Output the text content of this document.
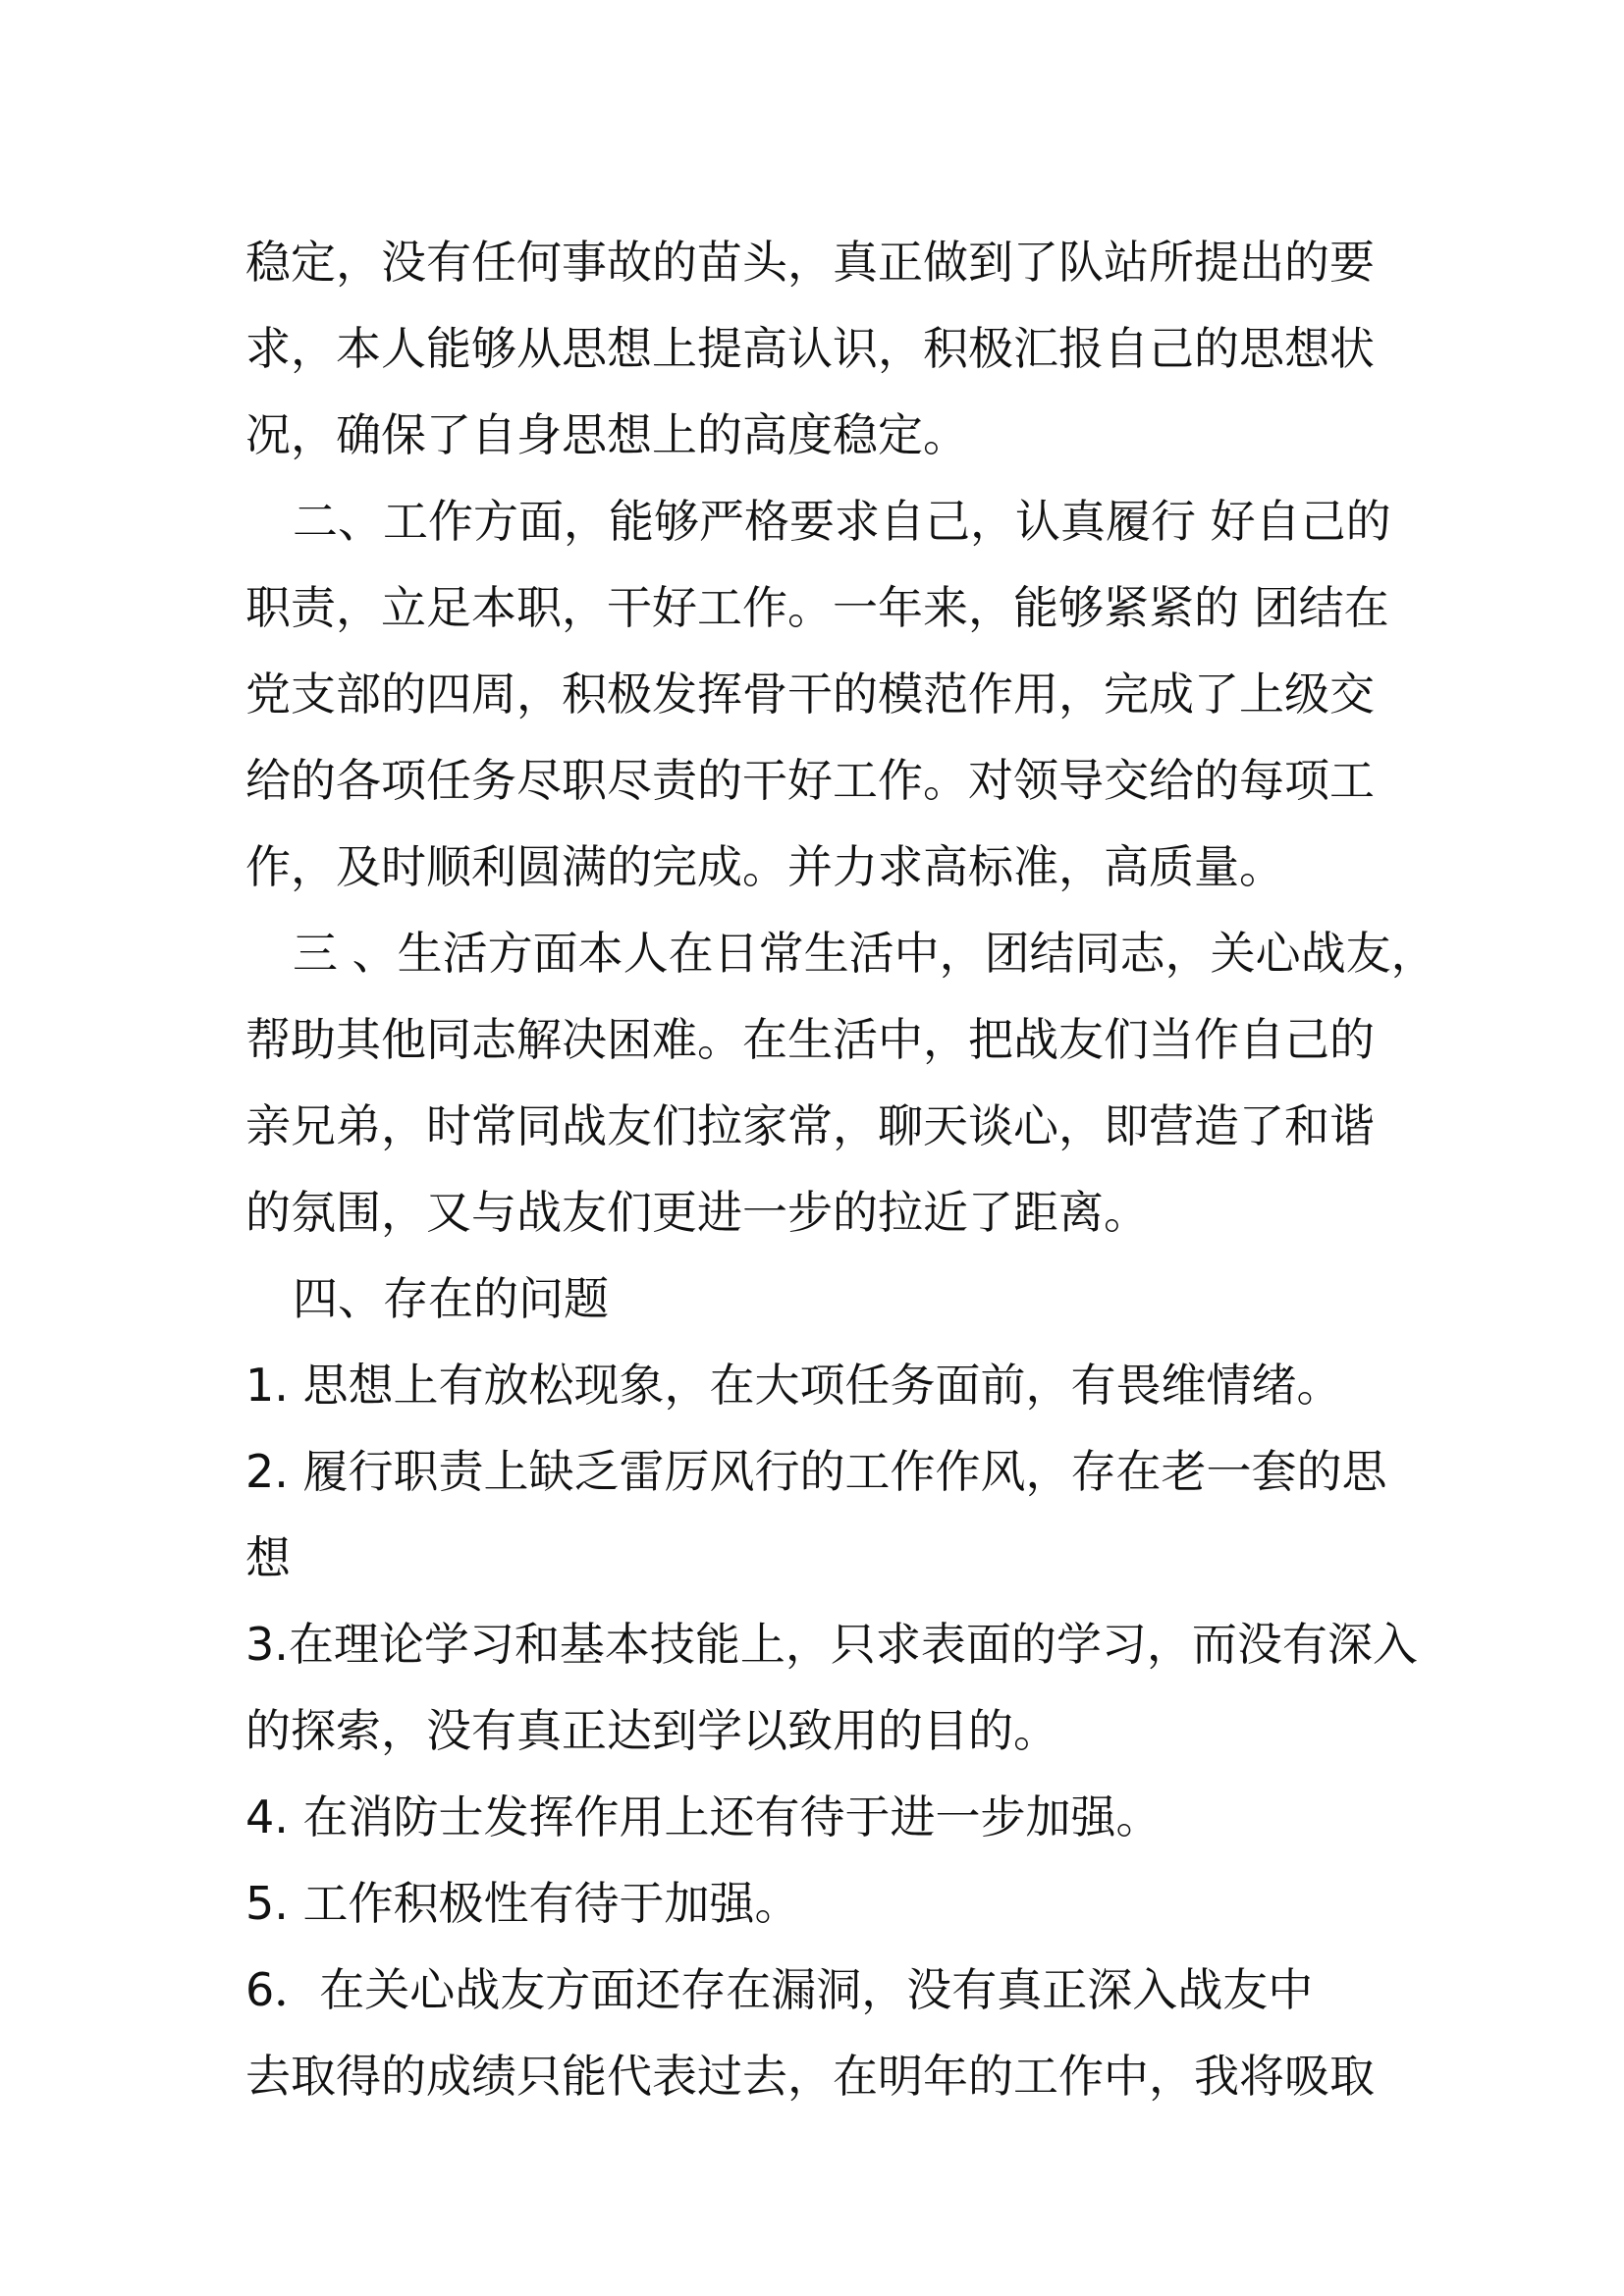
稳定，没有任何事故的苗头，真正做到了队站所提出的要
求，本人能够从思想上提高认识，积极汇报自己的思想状
况，确保了自身思想上的高度稳定。
二、工作方面，能够严格要求自己，认真履行 好自己的
职责，立足本职，干好工作。一年来，能够紧紧的 团结在
党支部的四周，积极发挥骨干的模范作用，完成了上级交
给的各项任务尽职尽责的干好工作。对领导交给的每项工
作，及时顺利圆满的完成。并力求高标准，高质量。
三 、生活方面本人在日常生活中，团结同志，关心战友，
帮助其他同志解决困难。在生活中，把战友们当作自己的
亲兄弟，时常同战友们拉家常，聊天谈心，即营造了和谐
的氛围，又与战友们更进一步的拉近了距离。
四、存在的问题
1. 思想上有放松现象，在大项任务面前，有畏维情绪。
2. 履行职责上缺乏雷厉风行的工作作风，存在老一套的思
想
3.在理论学习和基本技能上，只求表面的学习，而没有深入
的探索，没有真正达到学以致用的目的。
4. 在消防士发挥作用上还有待于进一步加强。
5. 工作积极性有待于加强。
6．在关心战友方面还存在漏洞，没有真正深入战友中
去取得的成绩只能代表过去，在明年的工作中，我将吸取
